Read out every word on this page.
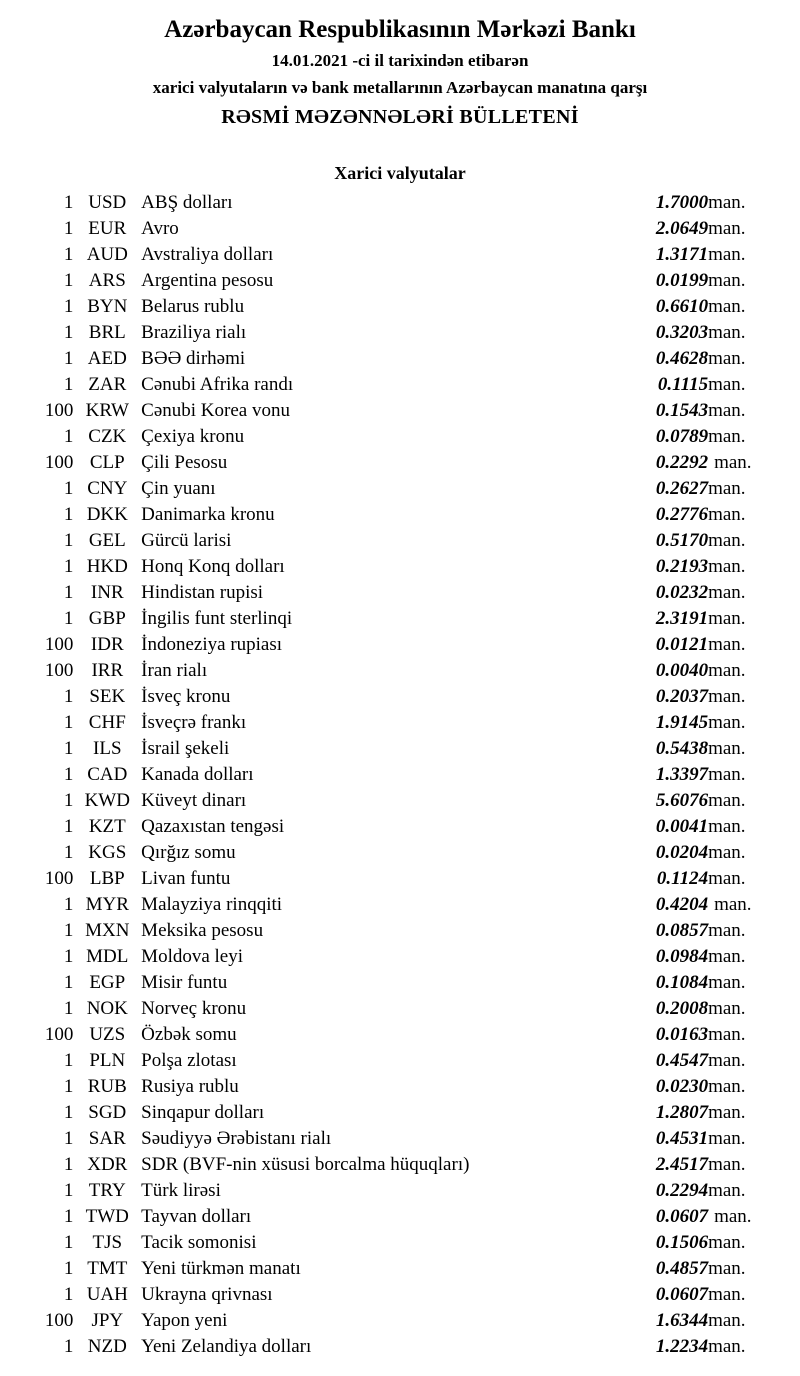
Azərbaycan Respublikasının Mərkəzi Bankı
14.01.2021 -ci il tarixindən etibarən
xarici valyutaların və bank metallarının Azərbaycan manatına qarşı
RƏSMİ MƏZƏNNƏLƏRİ BÜLLETENİ
Xarici valyutalar
1	USD	ABŞ dolları	1.7000	man.
1	EUR	Avro	2.0649	man.
1	AUD	Avstraliya dolları	1.3171	man.
1	ARS	Argentina pesosu	0.0199	man.
1	BYN	Belarus rublu	0.6610	man.
1	BRL	Braziliya rialı	0.3203	man.
1	AED	BƏƏ dirhəmi	0.4628	man.
1	ZAR	Cənubi Afrika randı	0.1115	man.
100	KRW	Cənubi Korea vonu	0.1543	man.
1	CZK	Çexiya kronu	0.0789	man.
100	CLP	Çili Pesosu	0.2292	man.
1	CNY	Çin yuanı	0.2627	man.
1	DKK	Danimarka kronu	0.2776	man.
1	GEL	Gürcü larisi	0.5170	man.
1	HKD	Honq Konq dolları	0.2193	man.
1	INR	Hindistan rupisi	0.0232	man.
1	GBP	İngilis funt sterlinqi	2.3191	man.
100	IDR	İndoneziya rupiası	0.0121	man.
100	IRR	İran rialı	0.0040	man.
1	SEK	İsveç kronu	0.2037	man.
1	CHF	İsveçrə frankı	1.9145	man.
1	ILS	İsrail şekeli	0.5438	man.
1	CAD	Kanada dolları	1.3397	man.
1	KWD	Küveyt dinarı	5.6076	man.
1	KZT	Qazaxıstan tengəsi	0.0041	man.
1	KGS	Qırğız somu	0.0204	man.
100	LBP	Livan funtu	0.1124	man.
1	MYR	Malayziya rinqqiti	0.4204	man.
1	MXN	Meksika pesosu	0.0857	man.
1	MDL	Moldova leyi	0.0984	man.
1	EGP	Misir funtu	0.1084	man.
1	NOK	Norveç kronu	0.2008	man.
100	UZS	Özbək somu	0.0163	man.
1	PLN	Polşa zlotası	0.4547	man.
1	RUB	Rusiya rublu	0.0230	man.
1	SGD	Sinqapur dolları	1.2807	man.
1	SAR	Səudiyyə Ərəbistanı rialı	0.4531	man.
1	XDR	SDR (BVF-nin xüsusi borcalma hüquqları)	2.4517	man.
1	TRY	Türk lirəsi	0.2294	man.
1	TWD	Tayvan dolları	0.0607	man.
1	TJS	Tacik somonisi	0.1506	man.
1	TMT	Yeni türkmən manatı	0.4857	man.
1	UAH	Ukrayna qrivnası	0.0607	man.
100	JPY	Yapon yeni	1.6344	man.
1	NZD	Yeni Zelandiya dolları	1.2234	man.
